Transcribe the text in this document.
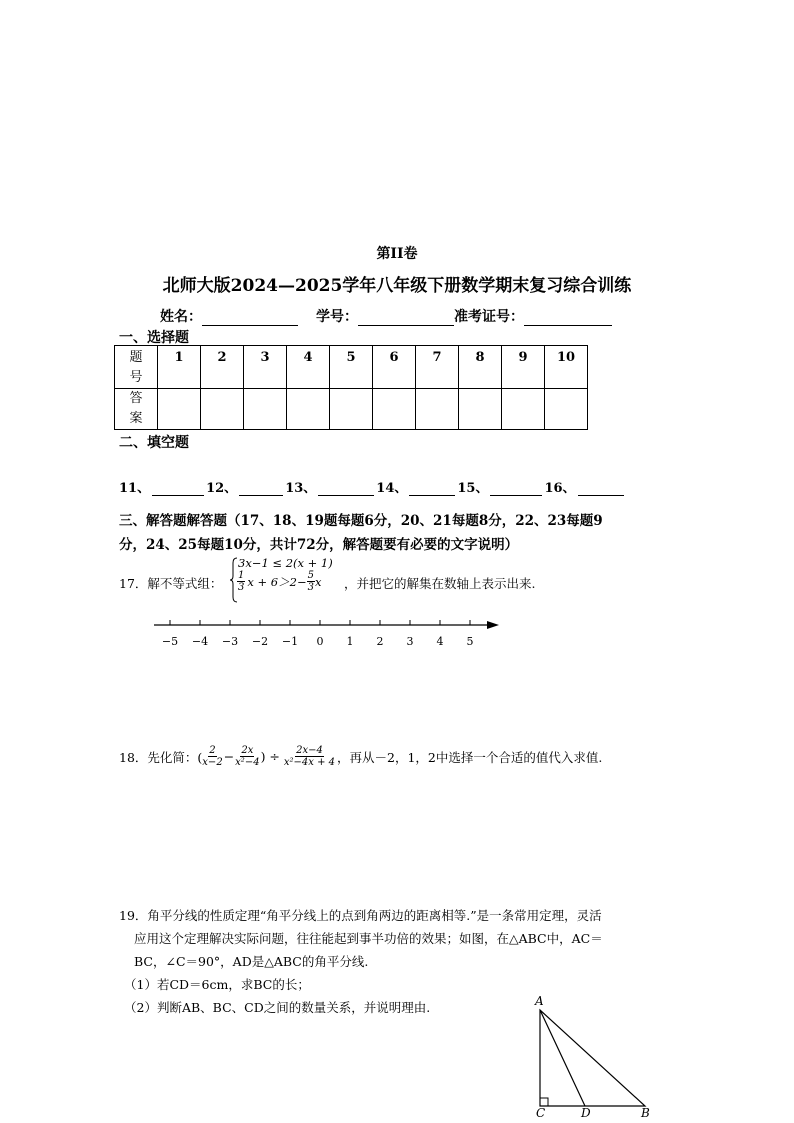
第II卷
北师大版2024—2025学年八年级下册数学期末复习综合训练
姓名：	学号：	准考证号：
一、选择题
题
号	1	2	3	4	5	6	7	8	9	10
答
案										
二、填空题
11、	12、	13、	14、	15、	16、
三、解答题解答题（17、18、19题每题6分，20、21每题8分，22、23每题9
分，24、25每题10分，共计72分，解答题要有必要的文字说明）
17．解不等式组：
3x−1 ≤ 2(x + 1)
$\frac{1}{3}$ $x + 6>2- \frac{5}{3}$ x ，并把它的解集在数轴上表示出来.
−5 −4 −3 −2 −1 0 1 2 3 4 5
18．先化简：( $\frac{2}{x-2} - \frac{2x}{\text{x²−4}}$ ) ÷ $\frac{2x-4}{\text{x²−4x + 4}}$ ，再从－2，1，2中选择一个合适的值代入求值.
19．角平分线的性质定理“角平分线上的点到角两边的距离相等.”是一条常用定理，灵活
应用这个定理解决实际问题，往往能起到事半功倍的效果；如图，在△ABC中，AC＝
BC，∠C＝90°，AD是△ABC的角平分线.
（1）若CD＝6cm，求BC的长；
（2）判断AB、BC、CD之间的数量关系，并说明理由.	A
C	D	B
